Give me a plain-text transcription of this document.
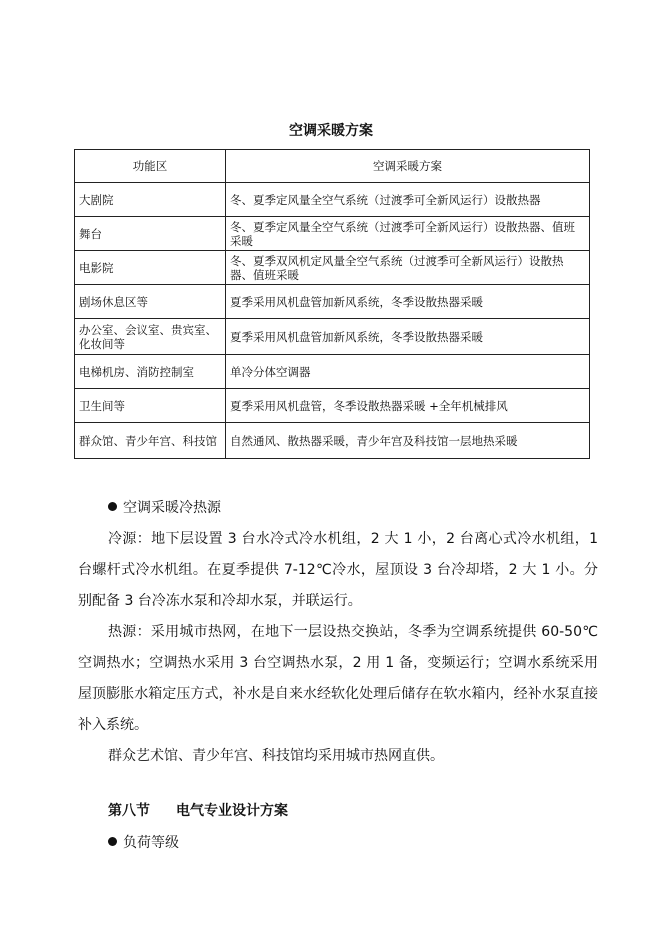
空调采暖方案
功能区	空调采暖方案
大剧院	冬、夏季定风量全空气系统（过渡季可全新风运行）设散热器
舞台	冬、夏季定风量全空气系统（过渡季可全新风运行）设散热器、值班采暖
电影院	冬、夏季双风机定风量全空气系统（过渡季可全新风运行）设散热器、值班采暖
剧场休息区等	夏季采用风机盘管加新风系统，冬季设散热器采暖
办公室、会议室、贵宾室、化妆间等	夏季采用风机盘管加新风系统，冬季设散热器采暖
电梯机房、消防控制室	单冷分体空调器
卫生间等	夏季采用风机盘管，冬季设散热器采暖 +全年机械排风
群众馆、青少年宫、科技馆	自然通风、散热器采暖，青少年宫及科技馆一层地热采暖

空调采暖冷热源

冷源：地下层设置 3 台水冷式冷水机组，2 大 1 小，2 台离心式冷水机组，1 台螺杆式冷水机组。在夏季提供 7-12℃冷水，屋顶设 3 台冷却塔，2 大 1 小。分别配备 3 台冷冻水泵和冷却水泵，并联运行。

热源：采用城市热网，在地下一层设热交换站，冬季为空调系统提供 60-50℃空调热水；空调热水采用 3 台空调热水泵，2 用 1 备，变频运行；空调水系统采用屋顶膨胀水箱定压方式，补水是自来水经软化处理后储存在软水箱内，经补水泵直接补入系统。

群众艺术馆、青少年宫、科技馆均采用城市热网直供。

第八节 电气专业设计方案
负荷等级
